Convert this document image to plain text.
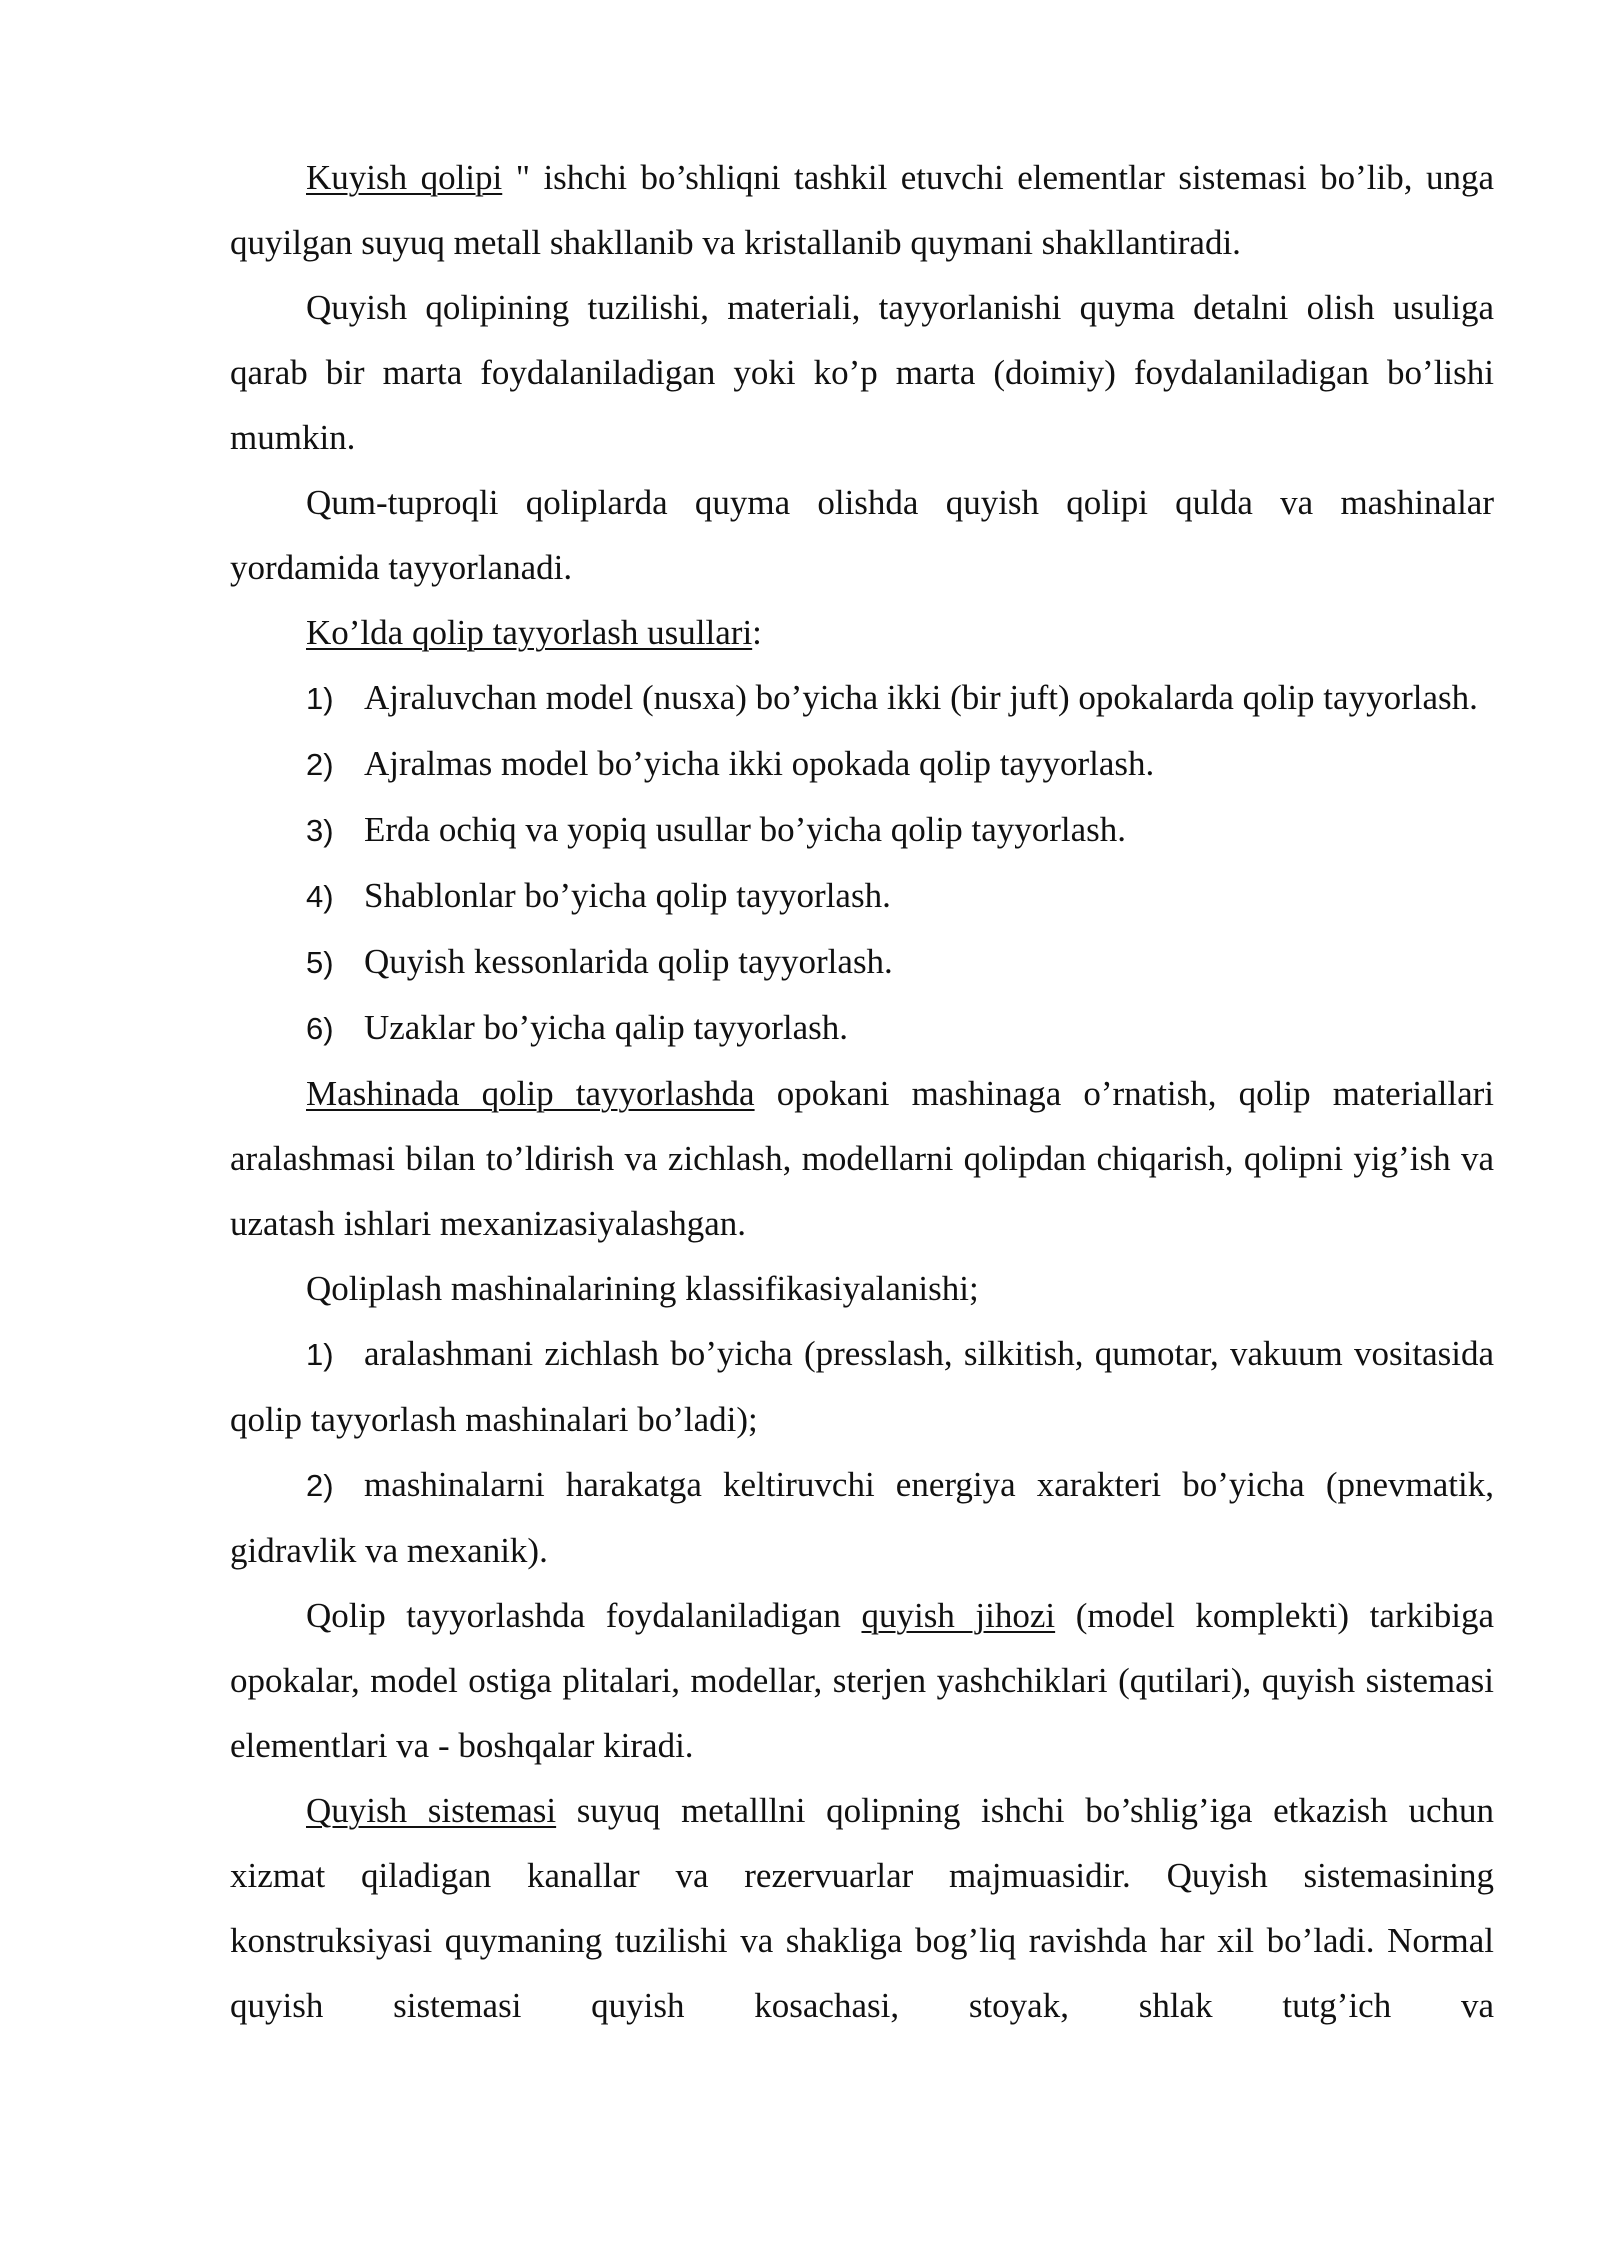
Kuyish qolipi " ishchi bo’shliqni tashkil etuvchi elementlar sistemasi bo’lib, unga quyilgan suyuq metall shakllanib va kristallanib quymani shakllantiradi.

Quyish qolipining tuzilishi, materiali, tayyorlanishi quyma detalni olish usuliga qarab bir marta foydalaniladigan yoki ko’p marta (doimiy) foydalaniladigan bo’lishi mumkin.

Qum-tuproqli qoliplarda quyma olishda quyish qolipi qulda va mashinalar yordamida tayyorlanadi.

Ko’lda qolip tayyorlash usullari:

1) Ajraluvchan model (nusxa) bo’yicha ikki (bir juft) opokalarda qolip tayyorlash.

2) Ajralmas model bo’yicha ikki opokada qolip tayyorlash.

3) Erda ochiq va yopiq usullar bo’yicha qolip tayyorlash.

4) Shablonlar bo’yicha qolip tayyorlash.

5) Quyish kessonlarida qolip tayyorlash.

6) Uzaklar bo’yicha qalip tayyorlash.

Mashinada qolip tayyorlashda opokani mashinaga o’rnatish, qolip materiallari aralashmasi bilan to’ldirish va zichlash, modellarni qolipdan chiqarish, qolipni yig’ish va uzatash ishlari mexanizasiyalashgan.

Qoliplash mashinalarining klassifikasiyalanishi;

1) aralashmani zichlash bo’yicha (presslash, silkitish, qumotar, vakuum vositasida qolip tayyorlash mashinalari bo’ladi);

2) mashinalarni harakatga keltiruvchi energiya xarakteri bo’yicha (pnevmatik, gidravlik va mexanik).

Qolip tayyorlashda foydalaniladigan quyish jihozi (model komplekti) tarkibiga opokalar, model ostiga plitalari, modellar, sterjen yashchiklari (qutilari), quyish sistemasi elementlari va - boshqalar kiradi.

Quyish sistemasi suyuq metalllni qolipning ishchi bo’shlig’iga etkazish uchun xizmat qiladigan kanallar va rezervuarlar majmuasidir. Quyish sistemasining konstruksiyasi quymaning tuzilishi va shakliga bog’liq ravishda har xil bo’ladi. Normal quyish sistemasi quyish kosachasi, stoyak, shlak tutg’ich va
